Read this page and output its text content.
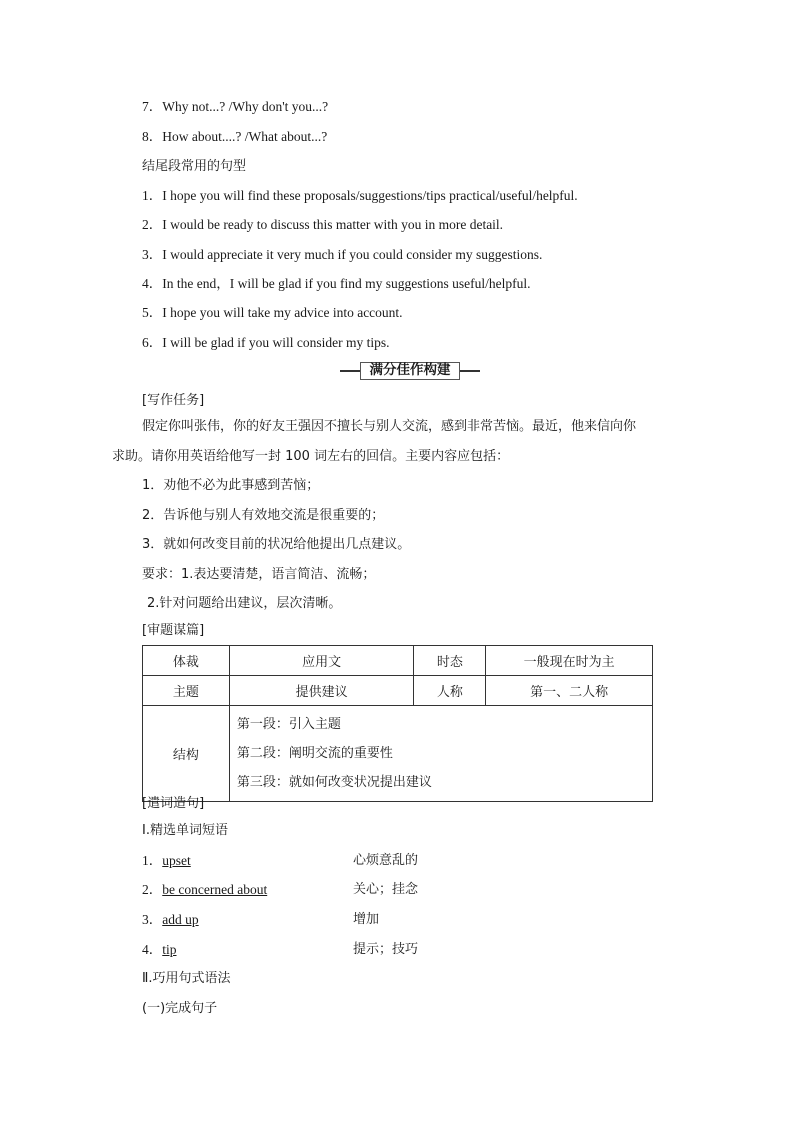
7．Why not...? /Why don't you...?
8．How about....? /What about...?
结尾段常用的句型
1．I hope you will find these proposals/suggestions/tips practical/useful/helpful.
2．I would be ready to discuss this matter with you in more detail.
3．I would appreciate it very much if you could consider my suggestions.
4．In the end，I will be glad if you find my suggestions useful/helpful.
5．I hope you will take my advice into account.
6．I will be glad if you will consider my tips.
满分佳作构建
[写作任务]
假定你叫张伟，你的好友王强因不擅长与别人交流，感到非常苦恼。最近，他来信向你
求助。请你用英语给他写一封 100 词左右的回信。主要内容应包括：
1．劝他不必为此事感到苦恼；
2．告诉他与别人有效地交流是很重要的；
3．就如何改变目前的状况给他提出几点建议。
要求：1.表达要清楚，语言简洁、流畅；
2.针对问题给出建议，层次清晰。
[审题谋篇]
体裁	应用文	时态	一般现在时为主
主题	提供建议	人称	第一、二人称
结构	第一段：引入主题
第二段：阐明交流的重要性
第三段：就如何改变状况提出建议		
[遣词造句]
Ⅰ.精选单词短语
1．upset	心烦意乱的
2．be concerned about	关心；挂念
3．add up	增加
4．tip	提示；技巧
Ⅱ.巧用句式语法
(一)完成句子
